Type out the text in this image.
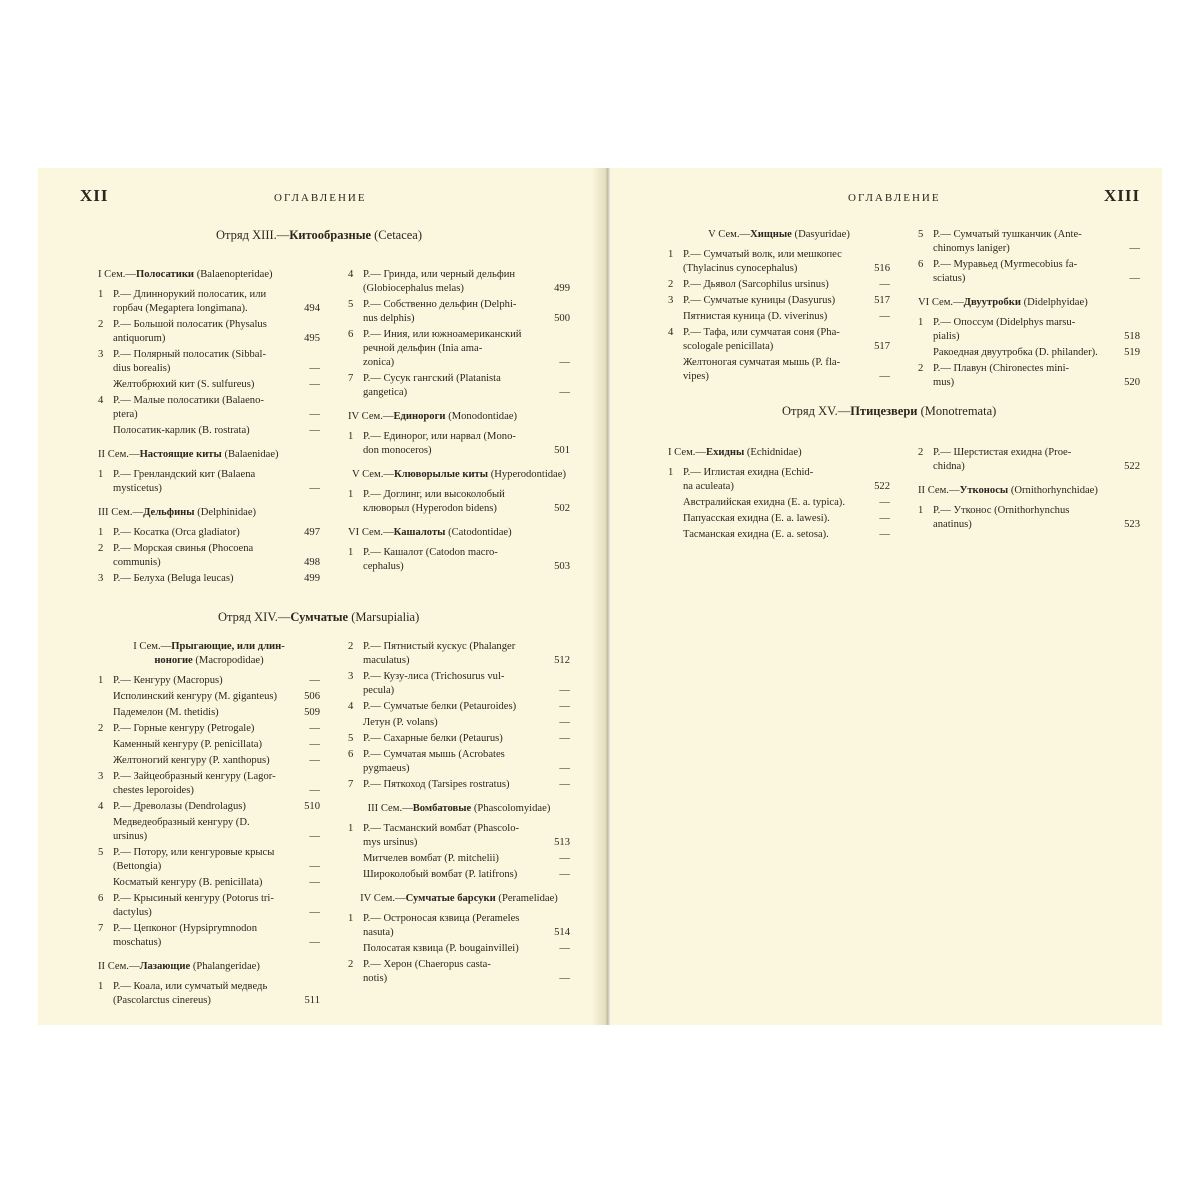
XII	ОГЛАВЛЕНИЕ
Отряд XIII.—Китообразные (Cetacea)
I Сем.—Полосатики (Balaenopteridae)
1 Р.— Длиннорукий полосатик, или
горбач (Megaptera longimana).	494
2 Р.— Большой полосатик (Physalus
antiquorum)	495
3 Р.— Полярный полосатик (Sibbal-
dius borealis)	—
Желтобрюхий кит (S. sulfureus)	—
4 Р.— Малые полосатики (Balaeno-
ptera)	—
Полосатик-карлик (B. rostrata)	—
II Сем.—Настоящие киты (Balaenidae)
1 Р.— Гренландский кит (Balaena
mysticetus)	—
III Сем.—Дельфины (Delphinidae)
1 Р.— Косатка (Orca gladiator)	497
2 Р.— Морская свинья (Phocoena
communis)	498
3 Р.— Белуха (Beluga leucas)	499
4 Р.— Гринда, или черный дельфин
(Globiocephalus melas)	499
5 Р.— Собственно дельфин (Delphi-
nus delphis)	500
6 Р.— Иния, или южноамериканский
речной дельфин (Inia ama-
zonica)	—
7 Р.— Сусук гангский (Platanista
gangetica)	—
IV Сем.—Единороги (Monodontidae)
1 Р.— Единорог, или нарвал (Mono-
don monoceros)	501
V Сем.—Клюворылые киты (Hyperodontidae)
1 Р.— Доглинг, или высоколобый
клюворыл (Hyperodon bidens)	502
VI Сем.—Кашалоты (Catodontidae)
1 Р.— Кашалот (Catodon macro-
cephalus)	503
Отряд XIV.—Сумчатые (Marsupialia)
I Сем.—Прыгающие, или длин-
ноногие (Macropodidae)
1 Р.— Кенгуру (Macropus)	—
Исполинский кенгуру (M. giganteus)	506
Падемелон (M. thetidis)	509
2 Р.— Горные кенгуру (Petrogale)	—
Каменный кенгуру (P. penicillata)	—
Желтоногий кенгуру (P. xanthopus)	—
3 Р.— Зайцеобразный кенгуру (Lagor-
chestes leporoides)	—
4 Р.— Древолазы (Dendrolagus)	510
Медведеобразный кенгуру (D.
ursinus)	—
5 Р.— Потору, или кенгуровые крысы
(Bettongia)	—
Косматый кенгуру (B. penicillata)	—
6 Р.— Крысиный кенгуру (Potorus tri-
dactylus)	—
7 Р.— Цепконог (Hypsiprymnodon
moschatus)	—
II Сем.—Лазающие (Phalangeridae)
1 Р.— Коала, или сумчатый медведь
(Pascolarctus cinereus)	511
2 Р.— Пятнистый кускус (Phalanger
maculatus)	512
3 Р.— Кузу-лиса (Trichosurus vul-
pecula)	—
4 Р.— Сумчатые белки (Petauroides)	—
Летун (P. volans)	—
5 Р.— Сахарные белки (Petaurus)	—
6 Р.— Сумчатая мышь (Acrobates
pygmaeus)	—
7 Р.— Пяткоход (Tarsipes rostratus)	—
III Сем.—Вомбатовые (Phascolomyidae)
1 Р.— Тасманский вомбат (Phascolo-
mys ursinus)	513
Митчелев вомбат (P. mitchelii)	—
Широколобый вомбат (P. latifrons)	—
IV Сем.—Сумчатые барсуки (Peramelidae)
1 Р.— Остроносая кзвица (Perameles
nasuta)	514
Полосатая кзвица (P. bougainvillei)	—
2 Р.— Херон (Chaeropus casta-
notis)	—
XIII
ОГЛАВЛЕНИЕ
V Сем.—Хищные (Dasyuridae)
1 Р.— Сумчатый волк, или мешкопес
(Thylacinus cynocephalus)	516
2 Р.— Дьявол (Sarcophilus ursinus)	—
3 Р.— Сумчатые куницы (Dasyurus)	517
Пятнистая куница (D. viverinus)	—
4 Р.— Тафа, или сумчатая соня (Pha-
scologale penicillata)	517
Желтоногая сумчатая мышь (P. fla-
vipes)	—
5 Р.— Сумчатый тушканчик (Ante-
chinomys laniger)	—
6 Р.— Муравьед (Myrmecobius fa-
sciatus)	—
VI Сем.—Двуутробки (Didelphyidae)
1 Р.— Опоссум (Didelphys marsu-
pialis)	518
Ракоедная двуутробка (D. philander). 519
2 Р.— Плавун (Chironectes mini-
mus)	520
Отряд XV.—Птицезвери (Monotremata)
I Сем.—Ехидны (Echidnidae)
1 Р.— Иглистая ехидна (Echid-
na aculeata)	522
Австралийская ехидна (E. a. typica).	—
Папуасская ехидна (E. a. lawesi).	—
Тасманская ехидна (E. a. setosa).	—
2 Р.— Шерстистая ехидна (Proe-
chidna)	522
II Сем.—Утконосы (Ornithorhynchidae)
1 Р.— Утконос (Ornithorhynchus
anatinus)	523
